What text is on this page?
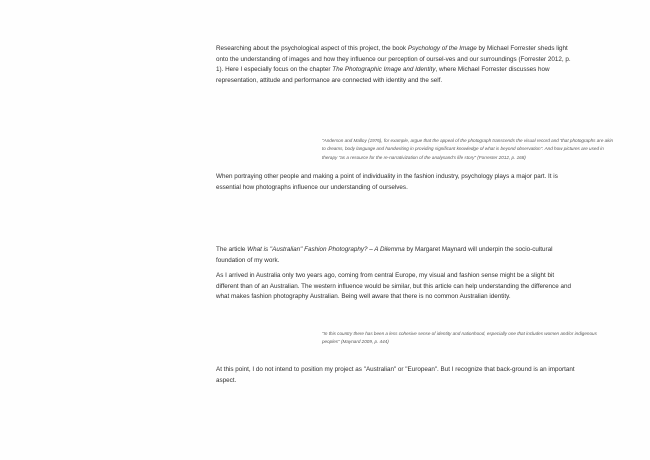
Researching about the psychological aspect of this project, the book Psychology of the Image by Michael Forrester sheds light onto the understanding of images and how they influence our perception of oursel-ves and our surroundings (Forrester 2012, p. 1). Here I especially focus on the chapter The Photographic Image and Identity, where Michael Forrester discusses how representation, attitude and performance are connected with identity and the self.

"Anderson and Malloy (1976), for example, argue that the appeal of the photograph transcends the visual record and 'that photographs are akin to dreams, body language and handwriting in providing significant knowledge of what is beyond observation". And how pictures are used in therapy "as a resource for the re-narrativization of the analysand's life story" (Forrester 2012, p. 168)

When portraying other people and making a point of individuality in the fashion industry, psychology plays a major part. It is essential how photographs influence our understanding of ourselves.

The article What is "Australian" Fashion Photography? – A Dilemma by Margaret Maynard will underpin the socio-cultural foundation of my work.

As I arrived in Australia only two years ago, coming from central Europe, my visual and fashion sense might be a slight bit different than of an Australian. The western influence would be similar, but this article can help understanding the difference and what makes fashion photography Australian. Being well aware that there is no common Australian identity.

"In this country there has been a less cohesive sense of identity and nationhood, especially one that includes women and/or indigenous peoples" (Maynard 2009, p. 444)

At this point, I do not intend to position my project as "Australian" or "European". But I recognize that back-ground is an important aspect.
